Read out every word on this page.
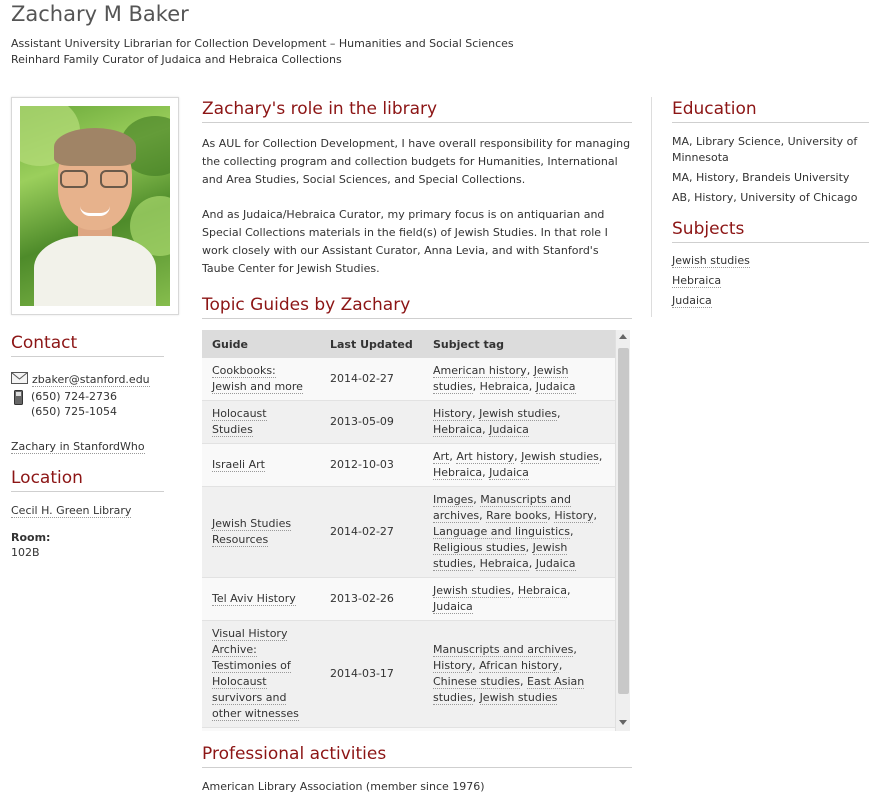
Zachary M Baker
Assistant University Librarian for Collection Development – Humanities and Social Sciences
Reinhard Family Curator of Judaica and Hebraica Collections
Contact
zbaker@stanford.edu
(650) 724-2736
(650) 725-1054
Zachary in StanfordWho
Location
Cecil H. Green Library
Room:
102B
Zachary's role in the library

As AUL for Collection Development, I have overall responsibility for managing the collecting program and collection budgets for Humanities, International and Area Studies, Social Sciences, and Special Collections.

And as Judaica/Hebraica Curator, my primary focus is on antiquarian and Special Collections materials in the field(s) of Jewish Studies. In that role I work closely with our Assistant Curator, Anna Levia, and with Stanford's Taube Center for Jewish Studies.

Topic Guides by Zachary
Guide	Last Updated	Subject tag
Cookbooks: Jewish and more	2014-02-27	American history, Jewish studies, Hebraica, Judaica
Holocaust Studies	2013-05-09	History, Jewish studies, Hebraica, Judaica
Israeli Art	2012-10-03	Art, Art history, Jewish studies, Hebraica, Judaica
Jewish Studies Resources	2014-02-27	Images, Manuscripts and archives, Rare books, History, Language and linguistics, Religious studies, Jewish studies, Hebraica, Judaica
Tel Aviv History	2013-02-26	Jewish studies, Hebraica, Judaica
Visual History Archive: Testimonies of Holocaust survivors and other witnesses	2014-03-17	Manuscripts and archives, History, African history, Chinese studies, East Asian studies, Jewish studies

Professional activities
American Library Association (member since 1976)
Education
MA, Library Science, University of Minnesota
MA, History, Brandeis University
AB, History, University of Chicago
Subjects
Jewish studies
Hebraica
Judaica
